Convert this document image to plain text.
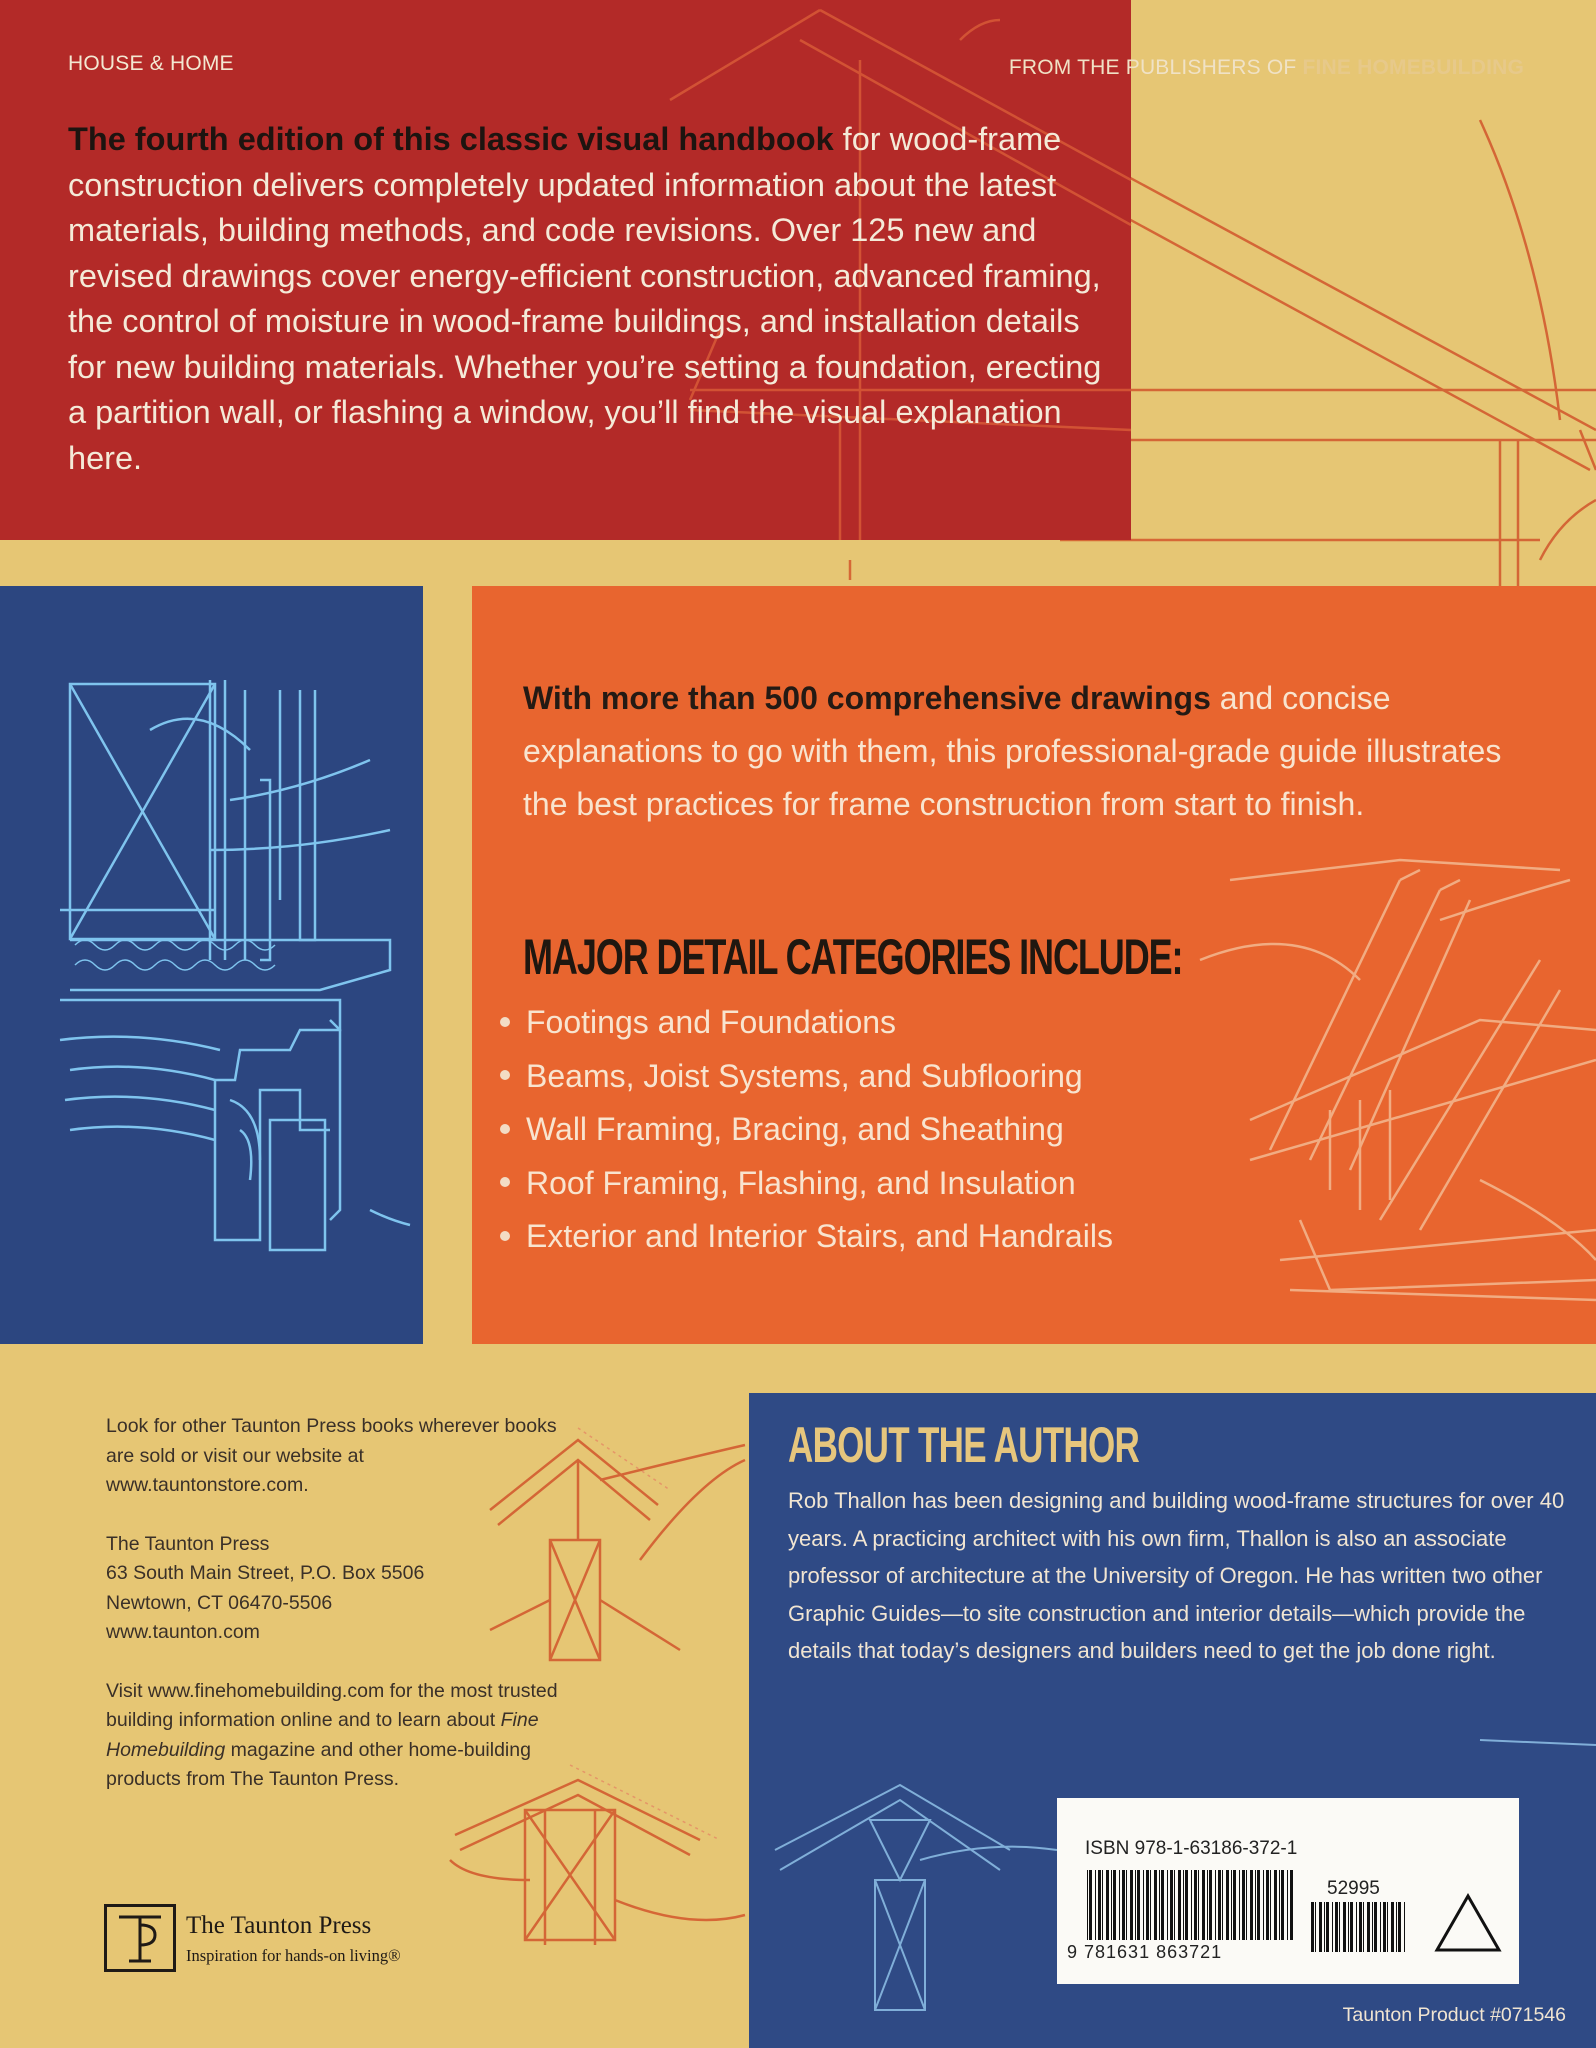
HOUSE & HOME	FROM THE PUBLISHERS OF FINE HOMEBUILDING
The fourth edition of this classic visual handbook for wood-frame construction delivers completely updated information about the latest materials, building methods, and code revisions. Over 125 new and revised drawings cover energy-efficient construction, advanced framing, the control of moisture in wood-frame buildings, and installation details for new building materials. Whether you’re setting a foundation, erecting a partition wall, or flashing a window, you’ll find the visual explanation here.
With more than 500 comprehensive drawings and concise explanations to go with them, this professional-grade guide illustrates the best practices for frame construction from start to finish.
MAJOR DETAIL CATEGORIES INCLUDE:
Footings and Foundations
Beams, Joist Systems, and Subflooring
Wall Framing, Bracing, and Sheathing
Roof Framing, Flashing, and Insulation
Exterior and Interior Stairs, and Handrails

Look for other Taunton Press books wherever books are sold or visit our website at www.tauntonstore.com.

The Taunton Press
63 South Main Street, P.O. Box 5506
Newtown, CT 06470-5506
www.taunton.com

Visit www.finehomebuilding.com for the most trusted building information online and to learn about Fine Homebuilding magazine and other home-building products from The Taunton Press.

The Taunton Press
Inspiration for hands-on living®
ABOUT THE AUTHOR
Rob Thallon has been designing and building wood-frame structures for over 40 years. A practicing architect with his own firm, Thallon is also an associate professor of architecture at the University of Oregon. He has written two other Graphic Guides—to site construction and interior details—which provide the details that today’s designers and builders need to get the job done right.
ISBN 978-1-63186-372-1
52995
9 781631 863721
Taunton Product #071546
